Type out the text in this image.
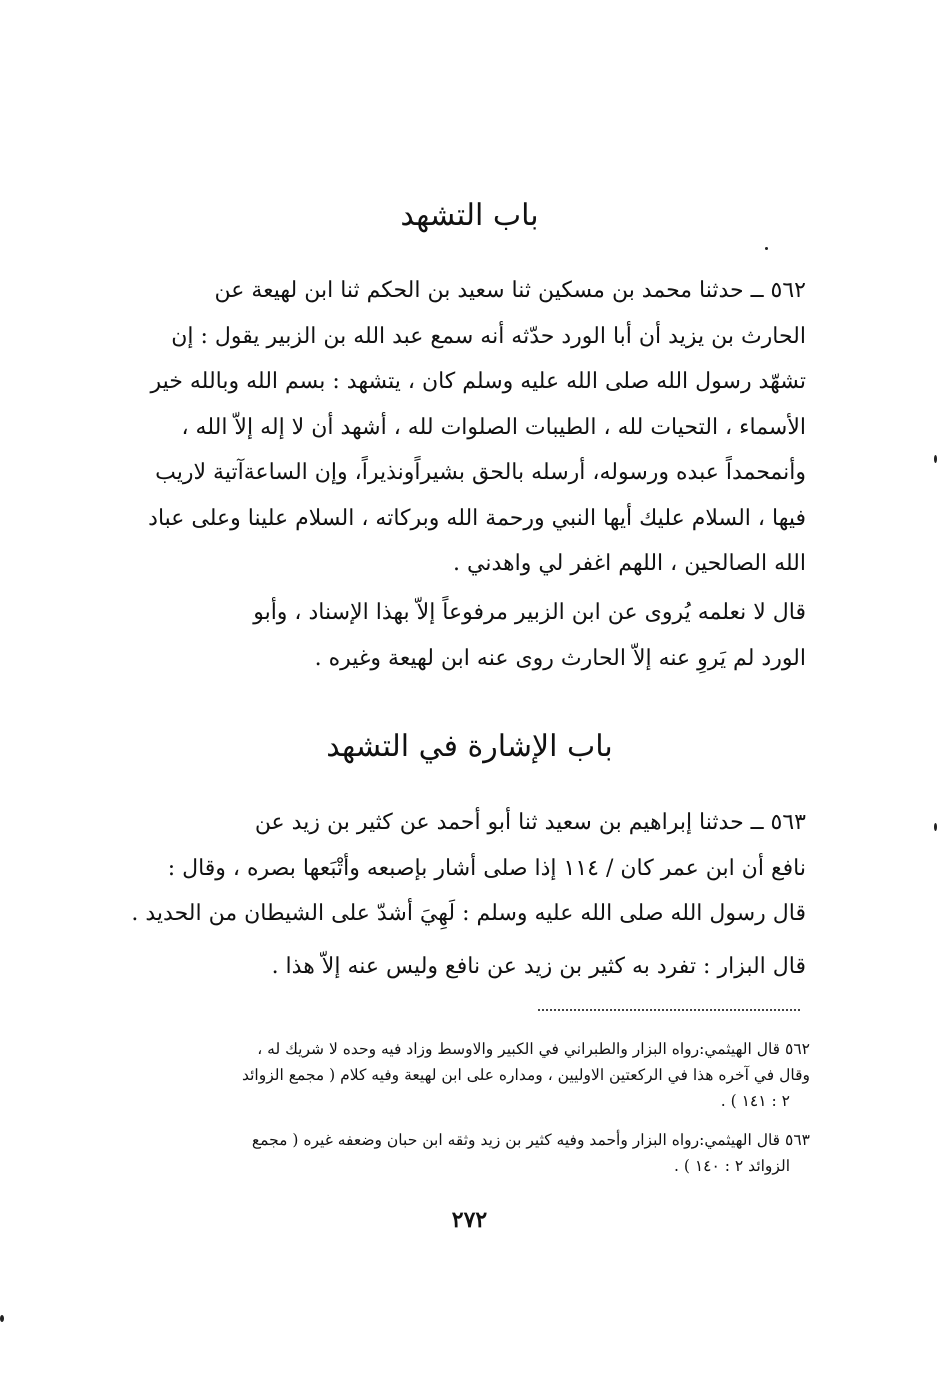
باب التشهد
٥٦٢ ــ حدثنا محمد بن مسكين ثنا سعيد بن الحكم ثنا ابن لهيعة عن
الحارث بن يزيد أن أبا الورد حدّثه أنه سمع عبد الله بن الزبير يقول : إن
تشهّد رسول الله صلى الله عليه وسلم كان ، يتشهد : بسم الله وبالله خير
الأسماء ، التحيات لله ، الطيبات الصلوات لله ، أشهد أن لا إله إلاّ الله ،
وأنمحمداً عبده ورسوله، أرسله بالحق بشيراًونذيراً، وإن الساعةآتية لاريب
فيها ، السلام عليك أيها النبي ورحمة الله وبركاته ، السلام علينا وعلى عباد
الله الصالحين ، اللهم اغفر لي واهدني .
قال لا نعلمه يُروى عن ابن الزبير مرفوعاً إلاّ بهذا الإسناد ، وأبو
الورد لم يَروِ عنه إلاّ الحارث روى عنه ابن لهيعة وغيره .
باب الإشارة في التشهد
٥٦٣ ــ حدثنا إبراهيم بن سعيد ثنا أبو أحمد عن كثير بن زيد عن
نافع أن ابن عمر كان / ١١٤ إذا صلى أشار بإصبعه وأتْبَعها بصره ، وقال :
قال رسول الله صلى الله عليه وسلم : لَهِيَ أشدّ على الشيطان من الحديد .
قال البزار : تفرد به كثير بن زيد عن نافع وليس عنه إلاّ هذا .
٥٦٢ قال الهيثمي:رواه البزار والطبراني في الكبير والاوسط وزاد فيه وحده لا شريك له ،
وقال في آخره هذا في الركعتين الاوليين ، ومداره على ابن لهيعة وفيه كلام ( مجمع الزوائد
٢ : ١٤١ ) .
٥٦٣ قال الهيثمي:رواه البزار وأحمد وفيه كثير بن زيد وثقه ابن حبان وضعفه غيره ( مجمع
الزوائد ٢ : ١٤٠ ) .
٢٧٢
